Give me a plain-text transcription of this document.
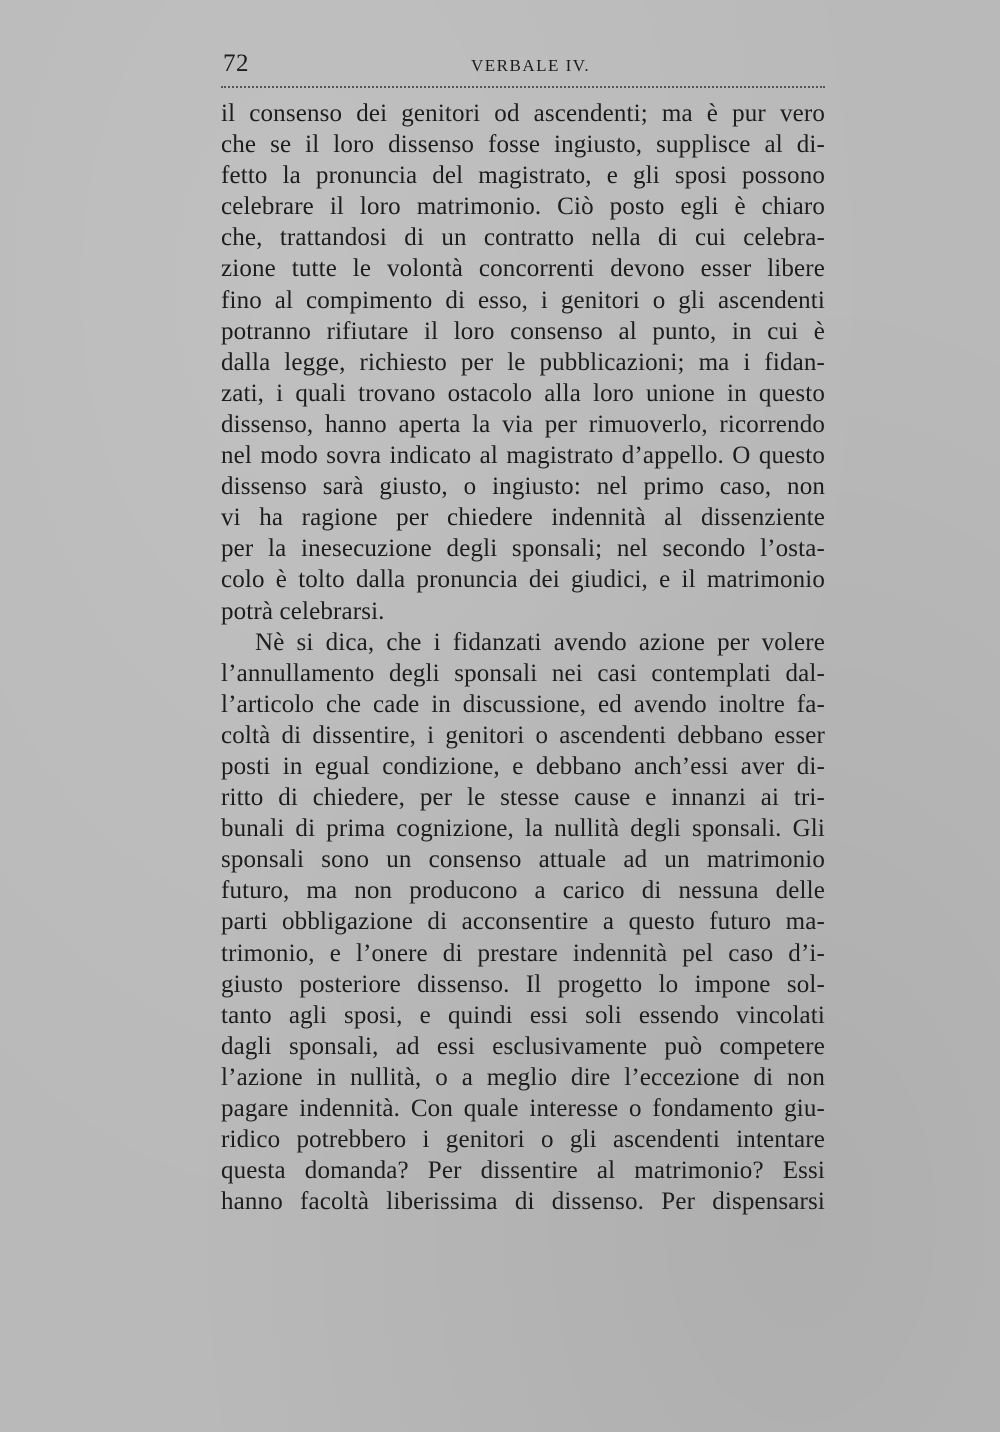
72	VERBALE IV.
il consenso dei genitori od ascendenti; ma è pur vero
che se il loro dissenso fosse ingiusto, supplisce al di-
fetto la pronuncia del magistrato, e gli sposi possono
celebrare il loro matrimonio. Ciò posto egli è chiaro
che, trattandosi di un contratto nella di cui celebra-
zione tutte le volontà concorrenti devono esser libere
fino al compimento di esso, i genitori o gli ascendenti
potranno rifiutare il loro consenso al punto, in cui è
dalla legge, richiesto per le pubblicazioni; ma i fidan-
zati, i quali trovano ostacolo alla loro unione in questo
dissenso, hanno aperta la via per rimuoverlo, ricorrendo
nel modo sovra indicato al magistrato d’appello. O questo
dissenso sarà giusto, o ingiusto: nel primo caso, non
vi ha ragione per chiedere indennità al dissenziente
per la inesecuzione degli sponsali; nel secondo l’osta-
colo è tolto dalla pronuncia dei giudici, e il matrimonio
potrà celebrarsi.
Nè si dica, che i fidanzati avendo azione per volere
l’annullamento degli sponsali nei casi contemplati dal-
l’articolo che cade in discussione, ed avendo inoltre fa-
coltà di dissentire, i genitori o ascendenti debbano esser
posti in egual condizione, e debbano anch’essi aver di-
ritto di chiedere, per le stesse cause e innanzi ai tri-
bunali di prima cognizione, la nullità degli sponsali. Gli
sponsali sono un consenso attuale ad un matrimonio
futuro, ma non producono a carico di nessuna delle
parti obbligazione di acconsentire a questo futuro ma-
trimonio, e l’onere di prestare indennità pel caso d’i-
giusto posteriore dissenso. Il progetto lo impone sol-
tanto agli sposi, e quindi essi soli essendo vincolati
dagli sponsali, ad essi esclusivamente può competere
l’azione in nullità, o a meglio dire l’eccezione di non
pagare indennità. Con quale interesse o fondamento giu-
ridico potrebbero i genitori o gli ascendenti intentare
questa domanda? Per dissentire al matrimonio? Essi
hanno facoltà liberissima di dissenso. Per dispensarsi
